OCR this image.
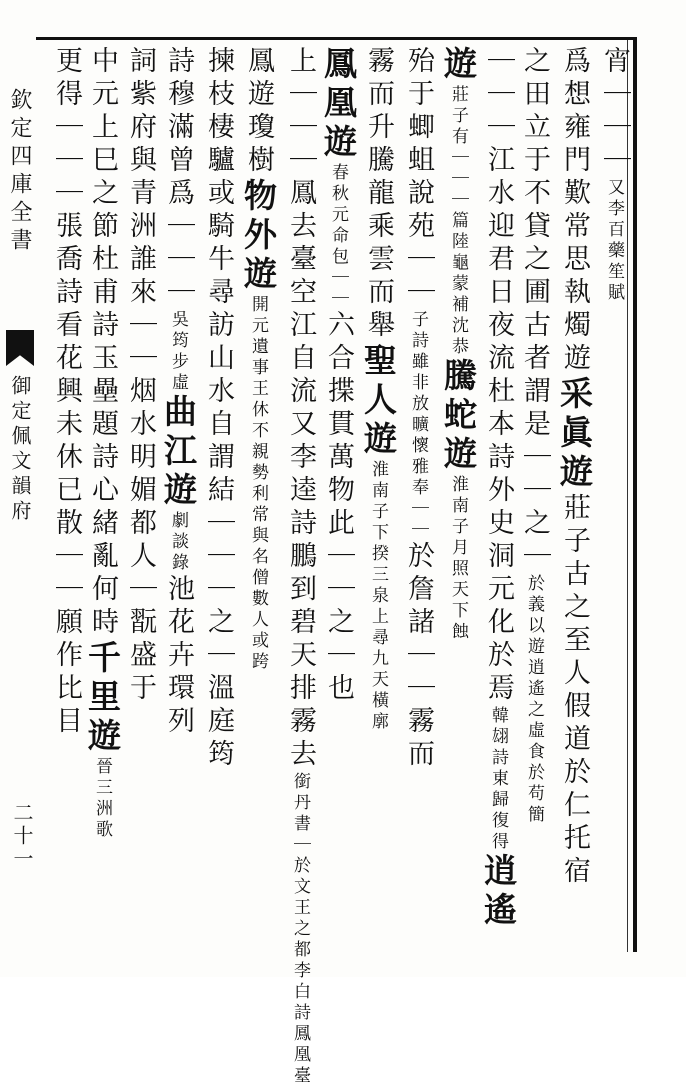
欽定四庫全書
御定佩文韻府
二十一
宵｜｜｜又李百藥笙賦
爲想雍門歎常思執燭遊采眞遊莊子古之至人假道於仁托宿
之田立于不貸之圃古者謂是｜｜之｜於義以遊逍遙之虛食於苟簡
｜｜｜江水迎君日夜流杜本詩外史洞元化於焉韓翃詩東歸復得逍遙
遊莊子有｜｜｜篇陸龜蒙補沈恭騰蛇遊淮南子月照天下蝕
殆于蝍蛆說苑｜｜子詩雖非放曠懷雅奉｜｜於詹諸｜｜霧而
霧而升騰龍乘雲而舉聖人遊淮南子下揆三泉上尋九天橫廓
鳳凰遊春秋元命包｜｜六合揲貫萬物此｜｜之｜也
上｜｜｜鳳去臺空江自流又李逵詩鵬到碧天排霧去銜丹書｜於文王之都李白詩鳳凰臺
鳳遊瓊樹物外遊開元遺事王休不親勢利常與名僧數人或跨
揀枝棲驢或騎牛尋訪山水自謂結｜｜｜之｜溫庭筠
詩穆滿曾爲｜｜｜吳筠步虛曲江遊劇談錄池花卉環列
詞紫府與青洲誰來｜｜烟水明媚都人｜翫盛于
中元上巳之節杜甫詩玉壘題詩心緒亂何時千里遊晉三洲歌
更得｜｜｜張喬詩看花興未休已散｜｜願作比目
